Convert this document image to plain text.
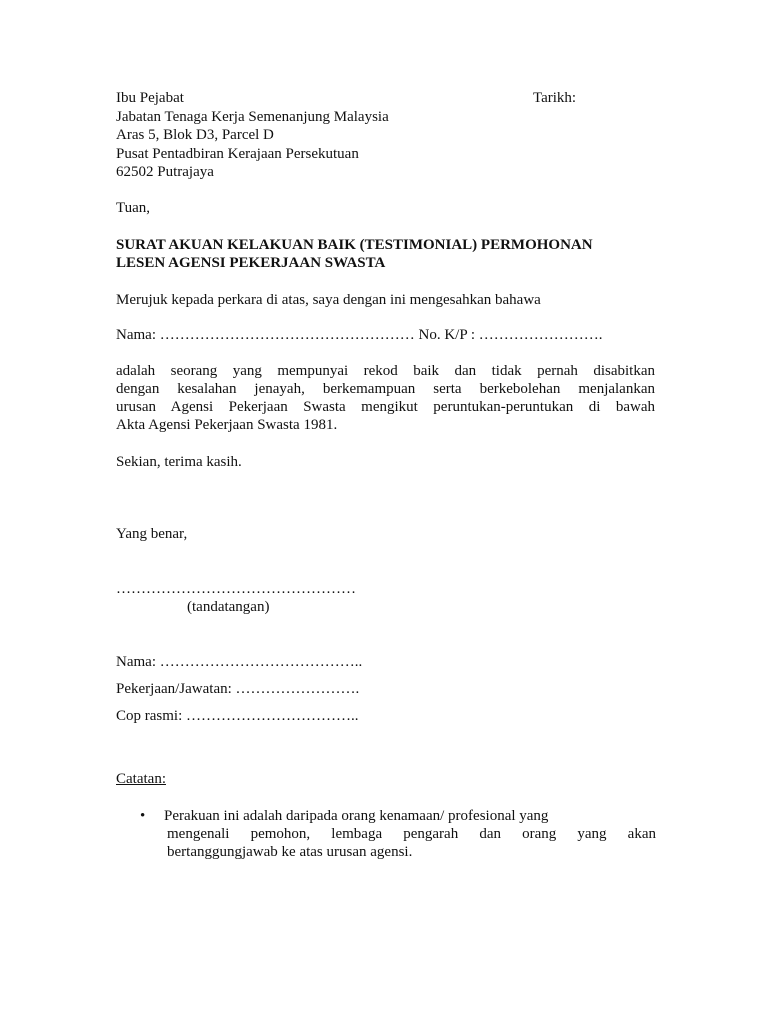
Ibu Pejabat
Jabatan Tenaga Kerja Semenanjung Malaysia
Aras 5, Blok D3, Parcel D
Pusat Pentadbiran Kerajaan Persekutuan
62502 Putrajaya
Tuan,
SURAT AKUAN KELAKUAN BAIK (TESTIMONIAL) PERMOHONAN
LESEN AGENSI PEKERJAAN SWASTA
Merujuk kepada perkara di atas, saya dengan ini mengesahkan bahawa
Nama: …………………………………………… No. K/P : …………………….
adalah seorang yang mempunyai rekod baik dan tidak pernah disabitkan
dengan kesalahan jenayah, berkemampuan serta berkebolehan menjalankan
urusan Agensi Pekerjaan Swasta mengikut peruntukan-peruntukan di bawah
Akta Agensi Pekerjaan Swasta 1981.
Sekian, terima kasih.
Yang benar,
…………………………………………
(tandatangan)
Nama: …………………………………..
Pekerjaan/Jawatan: …………………….
Cop rasmi: ……………………………..
Catatan:
• Perakuan ini adalah daripada orang kenamaan/ profesional yang
mengenali pemohon, lembaga pengarah dan orang yang akan
bertanggungjawab ke atas urusan agensi.
Tarikh:
